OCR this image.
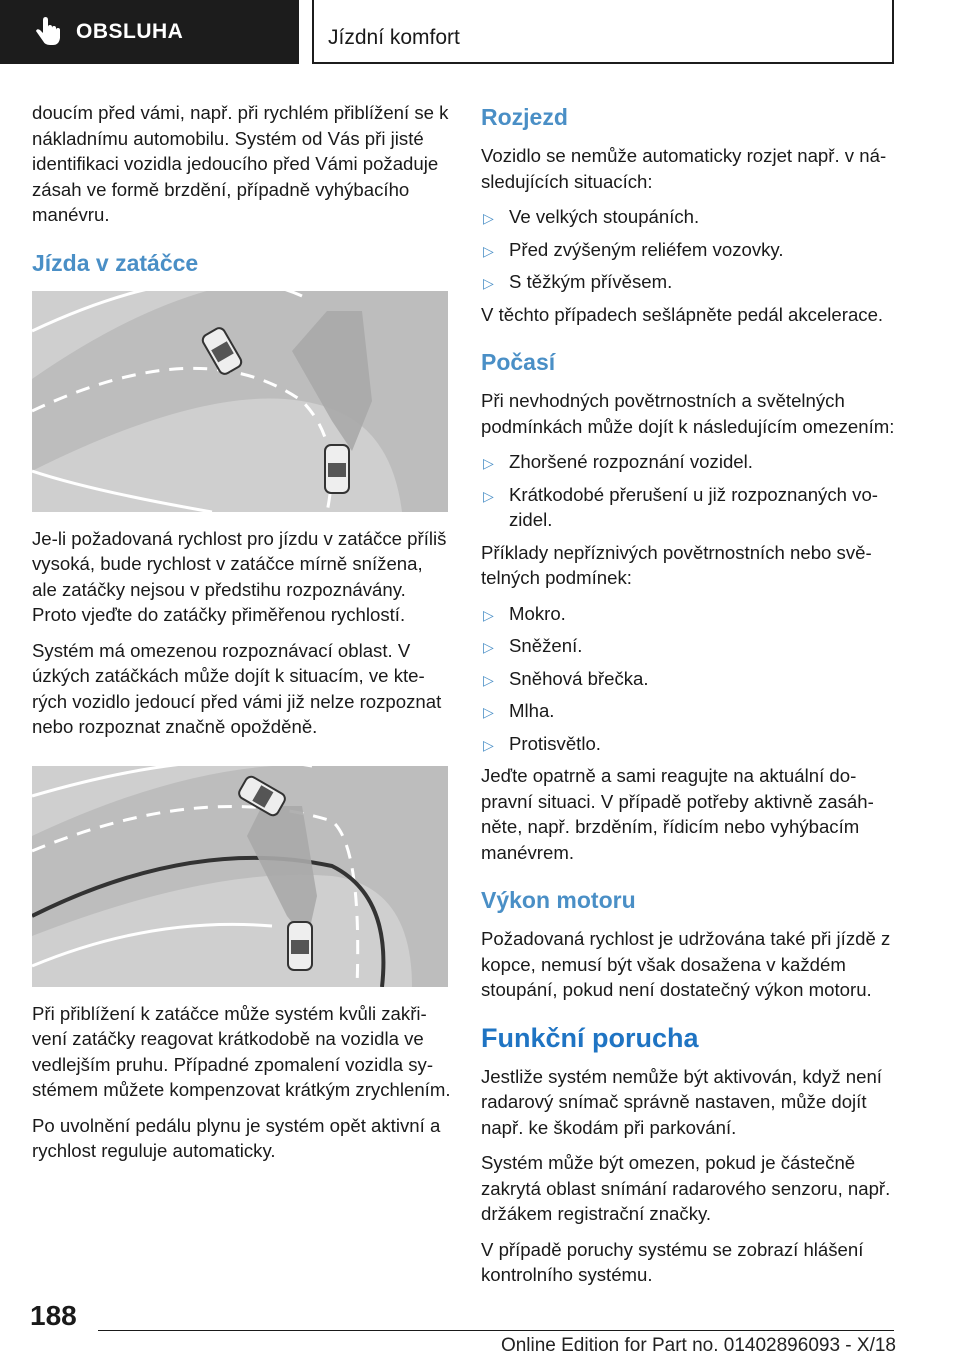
OBSLUHA	Jízdní komfort

doucím před vámi, např. při rychlém přiblížení se k nákladnímu automobilu. Systém od Vás při jisté identifikaci vozidla jedoucího před Vámi požaduje zásah ve formě brzdění, případně vyhýbacího manévru.

Jízda v zatáčce

Je-li požadovaná rychlost pro jízdu v zatáčce příliš vysoká, bude rychlost v zatáčce mírně snížena, ale zatáčky nejsou v předstihu rozpoznávány. Proto vjeďte do zatáčky přiměřenou rychlostí.

Systém má omezenou rozpoznávací oblast. V úzkých zatáčkách může dojít k situacím, ve kterých vozidlo jedoucí před vámi již nelze rozpoznat nebo rozpoznat značně opožděně.

Při přiblížení k zatáčce může systém kvůli zakřivení zatáčky reagovat krátkodobě na vozidla ve vedlejším pruhu. Případné zpomalení vozidla systémem můžete kompenzovat krátkým zrychlením.

Po uvolnění pedálu plynu je systém opět aktivní a rychlost reguluje automaticky.

Rozjezd

Vozidlo se nemůže automaticky rozjet např. v následujících situacích:

▷ Ve velkých stoupáních.
▷ Před zvýšeným reliéfem vozovky.
▷ S těžkým přívěsem.

V těchto případech sešlápněte pedál akcelerace.

Počasí

Při nevhodných povětrnostních a světelných podmínkách může dojít k následujícím omezením:

▷ Zhoršené rozpoznání vozidel.
▷ Krátkodobé přerušení u již rozpoznaných vozidel.

Příklady nepříznivých povětrnostních nebo světelných podmínek:

▷ Mokro.
▷ Sněžení.
▷ Sněhová břečka.
▷ Mlha.
▷ Protisvětlo.

Jeďte opatrně a sami reagujte na aktuální dopravní situaci. V případě potřeby aktivně zasáhněte, např. brzděním, řídicím nebo vyhýbacím manévrem.

Výkon motoru

Požadovaná rychlost je udržována také při jízdě z kopce, nemusí být však dosažena v každém stoupání, pokud není dostatečný výkon motoru.

Funkční porucha

Jestliže systém nemůže být aktivován, když není radarový snímač správně nastaven, může dojít např. ke škodám při parkování.

Systém může být omezen, pokud je částečně zakrytá oblast snímání radarového senzoru, např. držákem registrační značky.

V případě poruchy systému se zobrazí hlášení kontrolního systému.

188
Online Edition for Part no. 01402896093 - X/18
